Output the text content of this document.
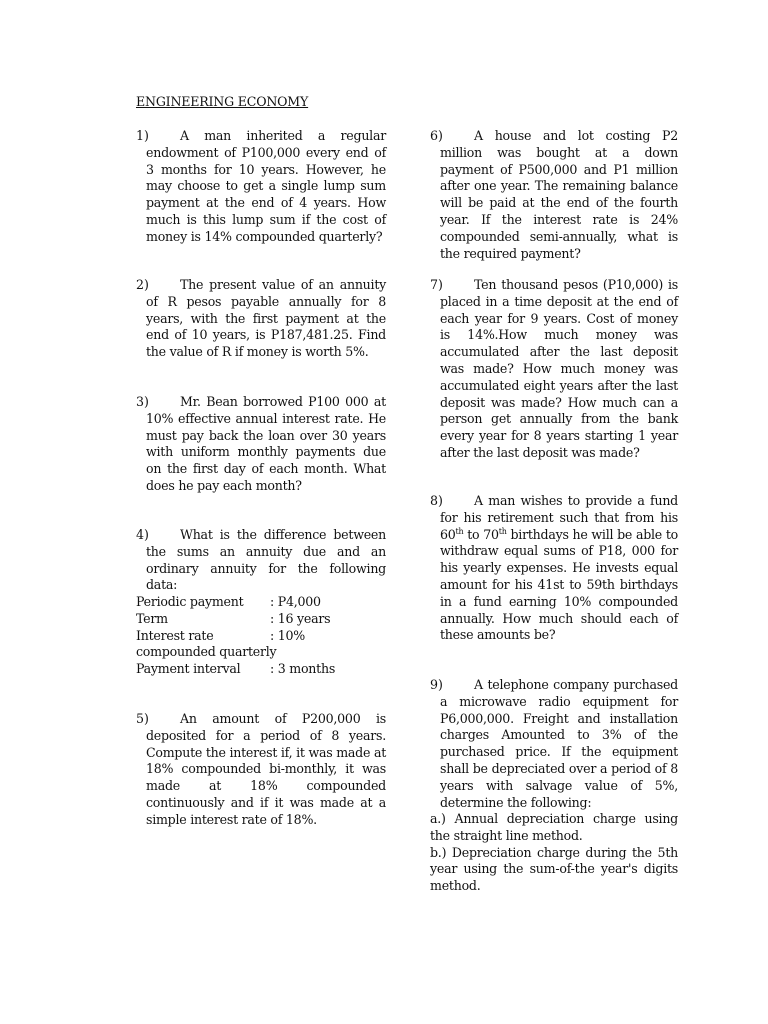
ENGINEERING ECONOMY
1)	A man inherited a regular endowment of P100,000 every end of 3 months for 10 years. However, he may choose to get a single lump sum payment at the end of 4 years. How much is this lump sum if the cost of money is 14% compounded quarterly?
2)	The present value of an annuity of R pesos payable annually for 8 years, with the first payment at the end of 10 years, is P187,481.25. Find the value of R if money is worth 5%.
3)	Mr. Bean borrowed P100 000 at 10% effective annual interest rate. He must pay back the loan over 30 years with uniform monthly payments due on the first day of each month. What does he pay each month?
4)	What is the difference between the sums an annuity due and an ordinary annuity for the following data:
Periodic payment : P4,000
Term	: 16 years
Interest rate	: 10%
compounded quarterly
Payment interval : 3 months
5)	An amount of P200,000 is deposited for a period of 8 years. Compute the interest if, it was made at 18% compounded bi-monthly, it was made at 18% compounded continuously and if it was made at a simple interest rate of 18%.
6)	A house and lot costing P2 million was bought at a down payment of P500,000 and P1 million after one year. The remaining balance will be paid at the end of the fourth year. If the interest rate is 24% compounded semi-annually, what is the required payment?
7)	Ten thousand pesos (P10,000) is placed in a time deposit at the end of each year for 9 years. Cost of money is 14%.How much money was accumulated after the last deposit was made? How much money was accumulated eight years after the last deposit was made? How much can a person get annually from the bank every year for 8 years starting 1 year after the last deposit was made?
8)	A man wishes to provide a fund for his retirement such that from his 60th to 70th birthdays he will be able to withdraw equal sums of P18, 000 for his yearly expenses. He invests equal amount for his 41st to 59th birthdays in a fund earning 10% compounded annually. How much should each of these amounts be?
9)	A telephone company purchased a microwave radio equipment for P6,000,000. Freight and installation charges Amounted to 3% of the purchased price. If the equipment shall be depreciated over a period of 8 years with salvage value of 5%, determine the following:
a.) Annual depreciation charge using the straight line method.
b.) Depreciation charge during the 5th year using the sum-of-the year's digits method.
